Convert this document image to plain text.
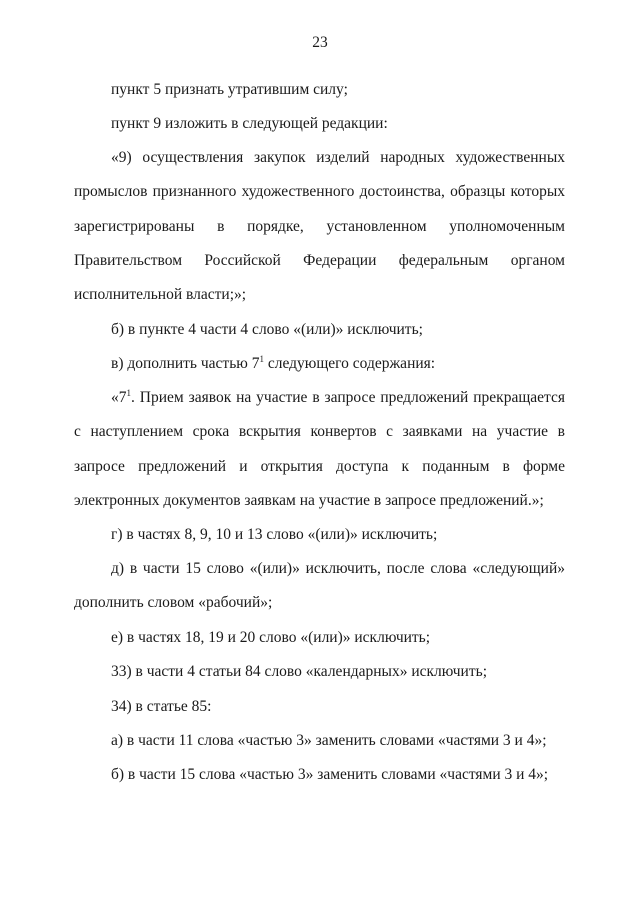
23

пункт 5 признать утратившим силу;

пункт 9 изложить в следующей редакции:

«9) осуществления закупок изделий народных художественных промыслов признанного художественного достоинства, образцы которых зарегистрированы в порядке, установленном уполномоченным Правительством Российской Федерации федеральным органом исполнительной власти;»;

б) в пункте 4 части 4 слово «(или)» исключить;

в) дополнить частью $7^1$ следующего содержания:

«$7^1$. Прием заявок на участие в запросе предложений прекращается с наступлением срока вскрытия конвертов с заявками на участие в запросе предложений и открытия доступа к поданным в форме электронных документов заявкам на участие в запросе предложений.»;

г) в частях 8, 9, 10 и 13 слово «(или)» исключить;

д) в части 15 слово «(или)» исключить, после слова «следующий» дополнить словом «рабочий»;

е) в частях 18, 19 и 20 слово «(или)» исключить;

33) в части 4 статьи 84 слово «календарных» исключить;

34) в статье 85:

а) в части 11 слова «частью 3» заменить словами «частями 3 и 4»;

б) в части 15 слова «частью 3» заменить словами «частями 3 и 4»;
